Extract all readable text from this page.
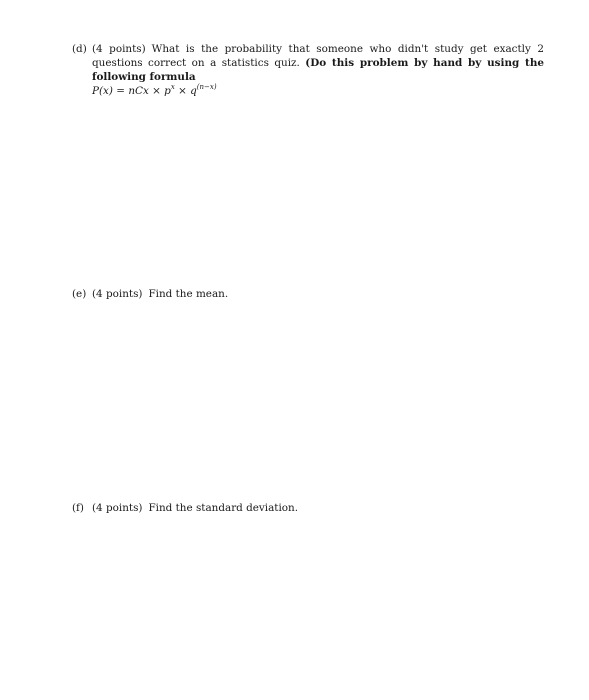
(d) (4 points) What is the probability that someone who didn't study get exactly 2 questions correct on a statistics quiz. (Do this problem by hand by using the following formula
P(x) = nCx × $p^x \times q^{(n-x)}$
(e) (4 points) Find the mean.
(f) (4 points) Find the standard deviation.
